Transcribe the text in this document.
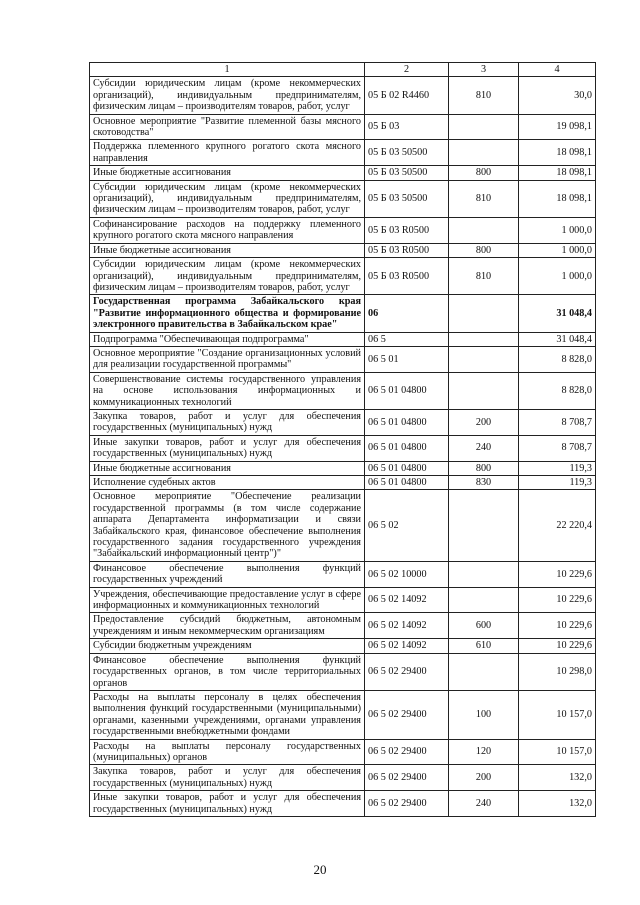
1	2	3	4
Субсидии юридическим лицам (кроме некоммерческих организаций), индивидуальным предпринимателям, физическим лицам – производителям товаров, работ, услуг	05 Б 02 R4460	810	30,0
Основное мероприятие "Развитие племенной базы мясного скотоводства"	05 Б 03		19 098,1
Поддержка племенного крупного рогатого скота мясного направления	05 Б 03 50500		18 098,1
Иные бюджетные ассигнования	05 Б 03 50500	800	18 098,1
Субсидии юридическим лицам (кроме некоммерческих организаций), индивидуальным предпринимателям, физическим лицам – производителям товаров, работ, услуг	05 Б 03 50500	810	18 098,1
Софинансирование расходов на поддержку племенного крупного рогатого скота мясного направления	05 Б 03 R0500		1 000,0
Иные бюджетные ассигнования	05 Б 03 R0500	800	1 000,0
Субсидии юридическим лицам (кроме некоммерческих организаций), индивидуальным предпринимателям, физическим лицам – производителям товаров, работ, услуг	05 Б 03 R0500	810	1 000,0
Государственная программа Забайкальского края "Развитие информационного общества и формирование электронного правительства в Забайкальском крае"	06		31 048,4
Подпрограмма "Обеспечивающая подпрограмма"	06 5		31 048,4
Основное мероприятие "Создание организационных условий для реализации государственной программы"	06 5 01		8 828,0
Совершенствование системы государственного управления на основе использования информационных и коммуникационных технологий	06 5 01 04800		8 828,0
Закупка товаров, работ и услуг для обеспечения государственных (муниципальных) нужд	06 5 01 04800	200	8 708,7
Иные закупки товаров, работ и услуг для обеспечения государственных (муниципальных) нужд	06 5 01 04800	240	8 708,7
Иные бюджетные ассигнования	06 5 01 04800	800	119,3
Исполнение судебных актов	06 5 01 04800	830	119,3
Основное мероприятие "Обеспечение реализации государственной программы (в том числе содержание аппарата Департамента информатизации и связи Забайкальского края, финансовое обеспечение выполнения государственного задания государственного учреждения "Забайкальский информационный центр")"	06 5 02		22 220,4
Финансовое обеспечение выполнения функций государственных учреждений	06 5 02 10000		10 229,6
Учреждения, обеспечивающие предоставление услуг в сфере информационных и коммуникационных технологий	06 5 02 14092		10 229,6
Предоставление субсидий бюджетным, автономным учреждениям и иным некоммерческим организациям	06 5 02 14092	600	10 229,6
Субсидии бюджетным учреждениям	06 5 02 14092	610	10 229,6
Финансовое обеспечение выполнения функций государственных органов, в том числе территориальных органов	06 5 02 29400		10 298,0
Расходы на выплаты персоналу в целях обеспечения выполнения функций государственными (муниципальными) органами, казенными учреждениями, органами управления государственными внебюджетными фондами	06 5 02 29400	100	10 157,0
Расходы на выплаты персоналу государственных (муниципальных) органов	06 5 02 29400	120	10 157,0
Закупка товаров, работ и услуг для обеспечения государственных (муниципальных) нужд	06 5 02 29400	200	132,0
Иные закупки товаров, работ и услуг для обеспечения государственных (муниципальных) нужд	06 5 02 29400	240	132,0
20
